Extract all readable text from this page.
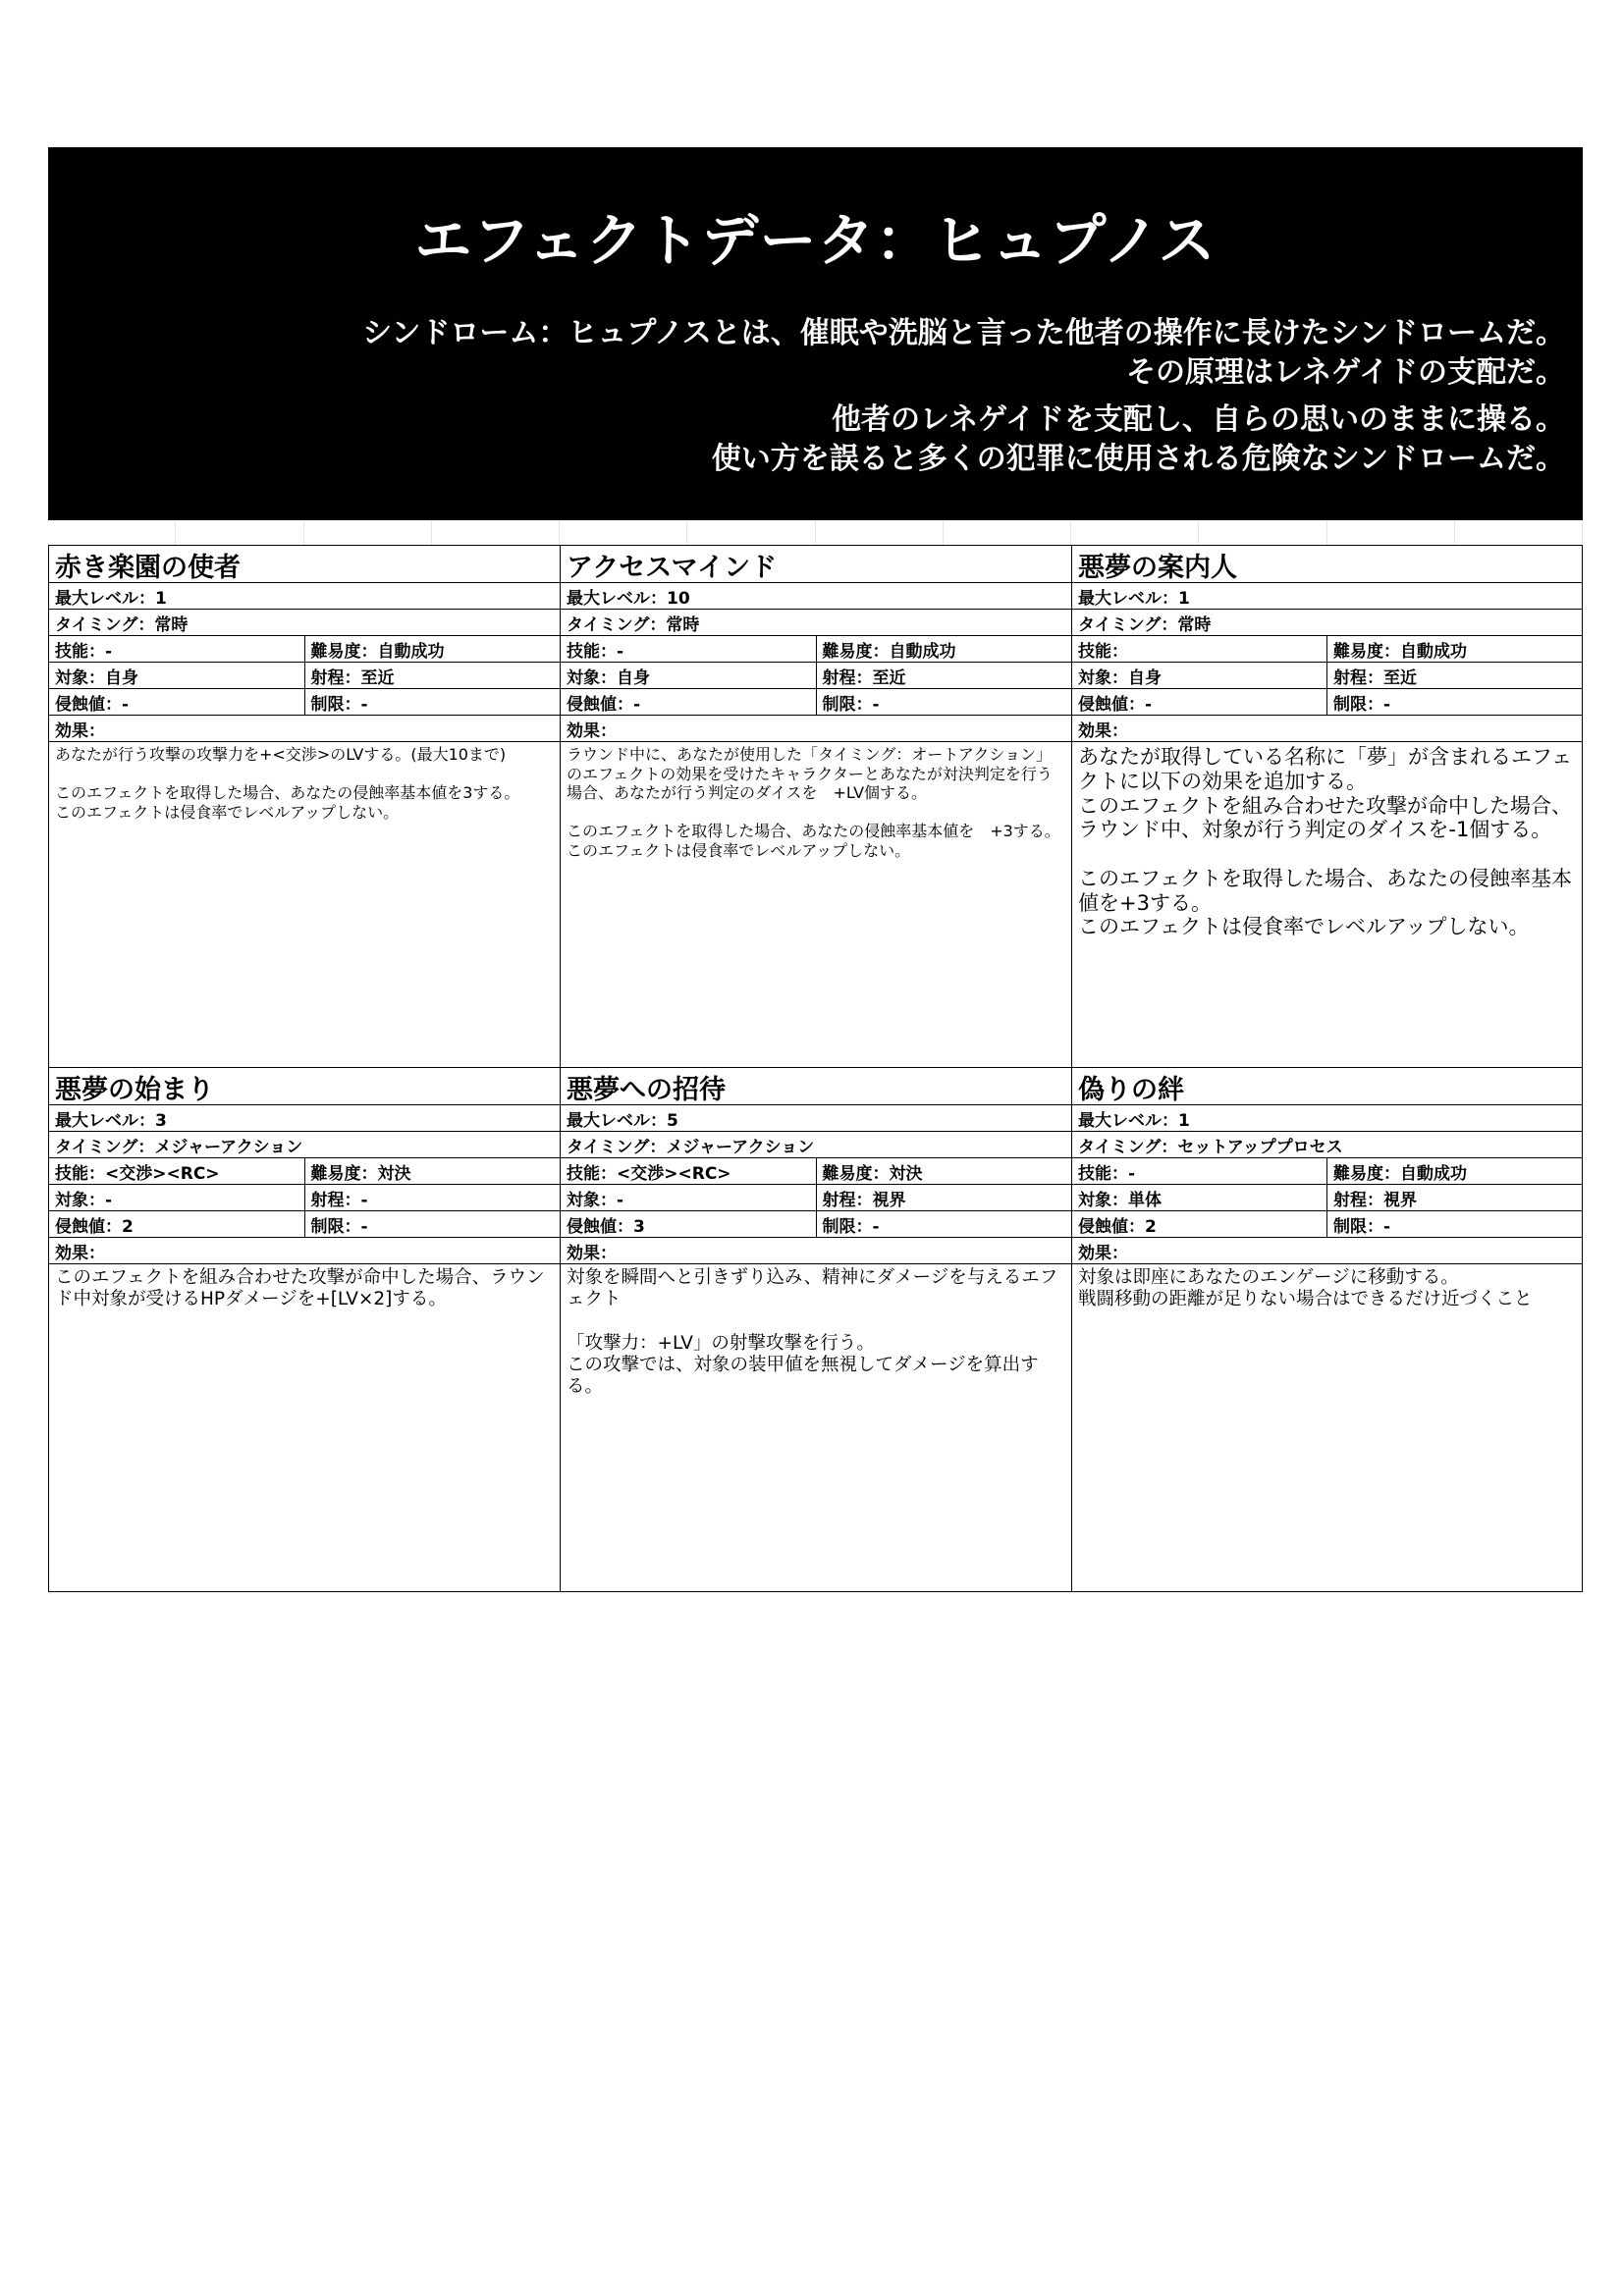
エフェクトデータ：ヒュプノス
シンドローム：ヒュプノスとは、催眠や洗脳と言った他者の操作に長けたシンドロームだ。
その原理はレネゲイドの支配だ。
他者のレネゲイドを支配し、自らの思いのままに操る。
使い方を誤ると多くの犯罪に使用される危険なシンドロームだ。
赤き楽園の使者
最大レベル：1
タイミング：常時
技能：-	難易度：自動成功
対象：自身	射程：至近
侵蝕値：-	制限：-
効果：
あなたが行う攻撃の攻撃力を+<交渉>のLVする。(最大10まで)

このエフェクトを取得した場合、あなたの侵蝕率基本値を3する。
このエフェクトは侵食率でレベルアップしない。
アクセスマインド
最大レベル：10
タイミング：常時
技能：-	難易度：自動成功
対象：自身	射程：至近
侵蝕値：-	制限：-
効果：
ラウンド中に、あなたが使用した「タイミング：オートアクション」のエフェクトの効果を受けたキャラクターとあなたが対決判定を行う場合、あなたが行う判定のダイスを　+LV個する。

このエフェクトを取得した場合、あなたの侵蝕率基本値を　+3する。
このエフェクトは侵食率でレベルアップしない。
悪夢の案内人
最大レベル：1
タイミング：常時
技能：	難易度：自動成功
対象：自身	射程：至近
侵蝕値：-	制限：-
効果：
あなたが取得している名称に「夢」が含まれるエフェクトに以下の効果を追加する。
このエフェクトを組み合わせた攻撃が命中した場合、ラウンド中、対象が行う判定のダイスを-1個する。

このエフェクトを取得した場合、あなたの侵蝕率基本値を+3する。
このエフェクトは侵食率でレベルアップしない。
悪夢の始まり
最大レベル：3
タイミング：メジャーアクション
技能：<交渉><RC>	難易度：対決
対象：-	射程：-
侵蝕値：2	制限：-
効果：
このエフェクトを組み合わせた攻撃が命中した場合、ラウンド中対象が受けるHPダメージを+[LV×2]する。
悪夢への招待
最大レベル：5
タイミング：メジャーアクション
技能：<交渉><RC>	難易度：対決
対象：-	射程：視界
侵蝕値：3	制限：-
効果：
対象を瞬間へと引きずり込み、精神にダメージを与えるエフェクト

「攻撃力：+LV」の射撃攻撃を行う。
この攻撃では、対象の装甲値を無視してダメージを算出する。
偽りの絆
最大レベル：1
タイミング：セットアッププロセス
技能：-	難易度：自動成功
対象：単体	射程：視界
侵蝕値：2	制限：-
効果：
対象は即座にあなたのエンゲージに移動する。
戦闘移動の距離が足りない場合はできるだけ近づくこと
